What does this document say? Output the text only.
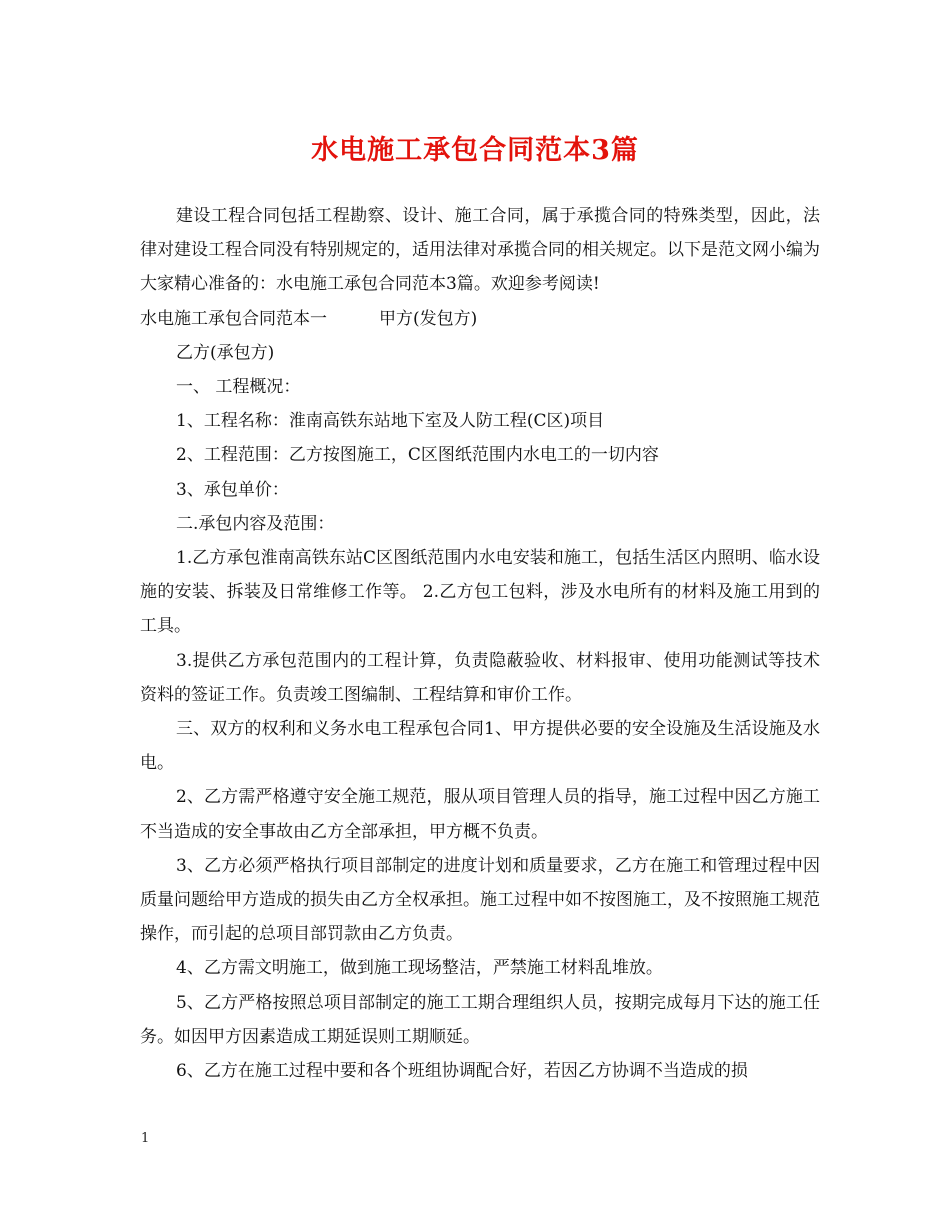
水电施工承包合同范本3篇

建设工程合同包括工程勘察、设计、施工合同，属于承揽合同的特殊类型，因此，法律对建设工程合同没有特别规定的，适用法律对承揽合同的相关规定。以下是范文网小编为大家精心准备的：水电施工承包合同范本3篇。欢迎参考阅读!

水电施工承包合同范本一	甲方(发包方)

乙方(承包方)

一、 工程概况：

1、工程名称：淮南高铁东站地下室及人防工程(C区)项目

2、工程范围：乙方按图施工，C区图纸范围内水电工的一切内容

3、承包单价：

二.承包内容及范围：

1.乙方承包淮南高铁东站C区图纸范围内水电安装和施工，包括生活区内照明、临水设施的安装、拆装及日常维修工作等。 2.乙方包工包料，涉及水电所有的材料及施工用到的工具。

3.提供乙方承包范围内的工程计算，负责隐蔽验收、材料报审、使用功能测试等技术资料的签证工作。负责竣工图编制、工程结算和审价工作。

三、双方的权利和义务水电工程承包合同1、甲方提供必要的安全设施及生活设施及水电。

2、乙方需严格遵守安全施工规范，服从项目管理人员的指导，施工过程中因乙方施工不当造成的安全事故由乙方全部承担，甲方概不负责。

3、乙方必须严格执行项目部制定的进度计划和质量要求，乙方在施工和管理过程中因质量问题给甲方造成的损失由乙方全权承担。施工过程中如不按图施工，及不按照施工规范操作，而引起的总项目部罚款由乙方负责。

4、乙方需文明施工，做到施工现场整洁，严禁施工材料乱堆放。

5、乙方严格按照总项目部制定的施工工期合理组织人员，按期完成每月下达的施工任务。如因甲方因素造成工期延误则工期顺延。

6、乙方在施工过程中要和各个班组协调配合好，若因乙方协调不当造成的损

1
